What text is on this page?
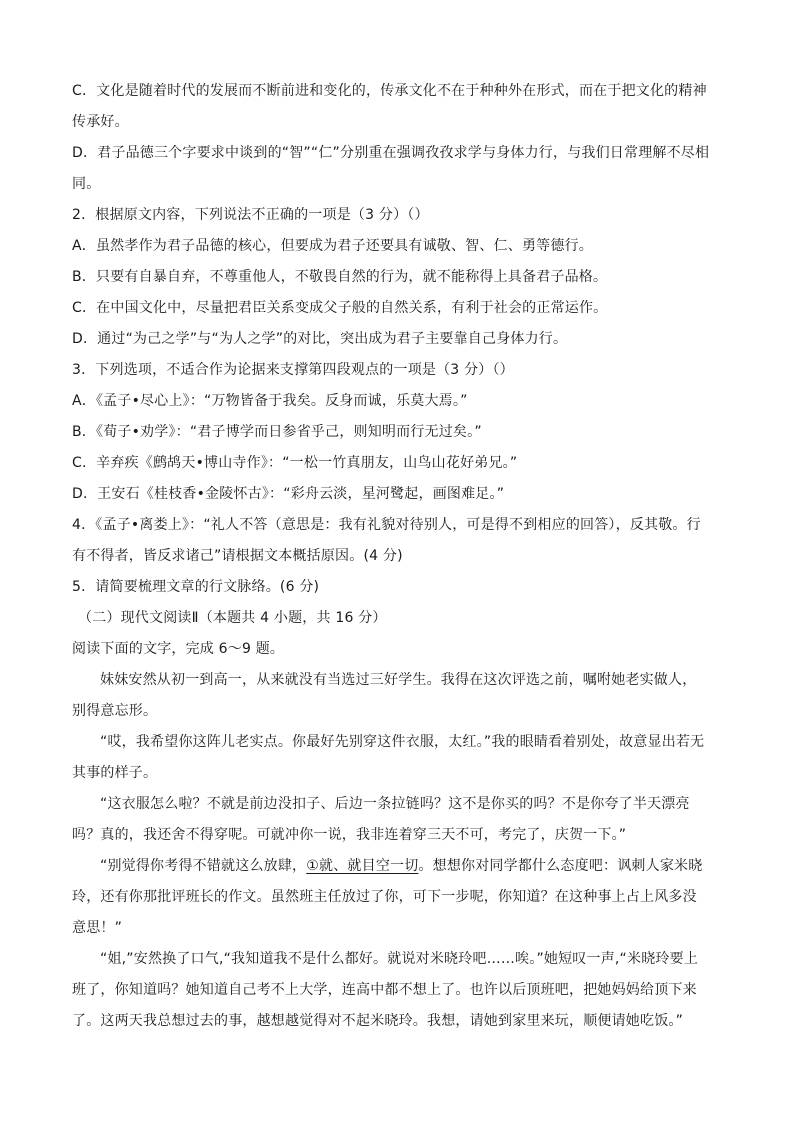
C．文化是随着时代的发展而不断前进和变化的，传承文化不在于种种外在形式，而在于把文化的精神
传承好。
D．君子品德三个字要求中谈到的“智”“仁”分别重在强调孜孜求学与身体力行，与我们日常理解不尽相
同。
2．根据原文内容，下列说法不正确的一项是（3 分）（）
A．虽然孝作为君子品德的核心，但要成为君子还要具有诚敬、智、仁、勇等德行。
B．只要有自暴自弃，不尊重他人，不敬畏自然的行为，就不能称得上具备君子品格。
C．在中国文化中，尽量把君臣关系变成父子般的自然关系，有利于社会的正常运作。
D．通过“为己之学”与“为人之学”的对比，突出成为君子主要靠自己身体力行。
3．下列选项，不适合作为论据来支撑第四段观点的一项是（3 分）（）
A．《孟子•尽心上》：“万物皆备于我矣。反身而诚，乐莫大焉。”
B．《荀子•劝学》：“君子博学而日参省乎己，则知明而行无过矣。”
C．辛弃疾《鹧鸪天•博山寺作》：“一松一竹真朋友，山鸟山花好弟兄。”
D．王安石《桂枝香•金陵怀古》：“彩舟云淡，星河鹭起，画图难足。”
4．《孟子•离娄上》：“礼人不答（意思是：我有礼貌对待别人，可是得不到相应的回答），反其敬。行
有不得者，皆反求诸己”请根据文本概括原因。(4 分)
5．请简要梳理文章的行文脉络。(6 分)
（二）现代文阅读Ⅱ（本题共 4 小题，共 16 分）
阅读下面的文字，完成 6～9 题。
妹妹安然从初一到高一，从来就没有当选过三好学生。我得在这次评选之前，嘱咐她老实做人，
别得意忘形。
“哎，我希望你这阵儿老实点。你最好先别穿这件衣服，太红。”我的眼睛看着别处，故意显出若无
其事的样子。
“这衣服怎么啦？不就是前边没扣子、后边一条拉链吗？这不是你买的吗？不是你夸了半天漂亮
吗？真的，我还舍不得穿呢。可就冲你一说，我非连着穿三天不可，考完了，庆贺一下。”
“别觉得你考得不错就这么放肆，①就、就目空一切。想想你对同学都什么态度吧：讽刺人家米晓
玲，还有你那批评班长的作文。虽然班主任放过了你，可下一步呢，你知道？在这种事上占上风多没
意思！”
“姐,”安然换了口气,“我知道我不是什么都好。就说对米晓玲吧……唉。”她短叹一声,“米晓玲要上
班了，你知道吗？她知道自己考不上大学，连高中都不想上了。也许以后顶班吧，把她妈妈给顶下来
了。这两天我总想过去的事，越想越觉得对不起米晓玲。我想，请她到家里来玩，顺便请她吃饭。”
